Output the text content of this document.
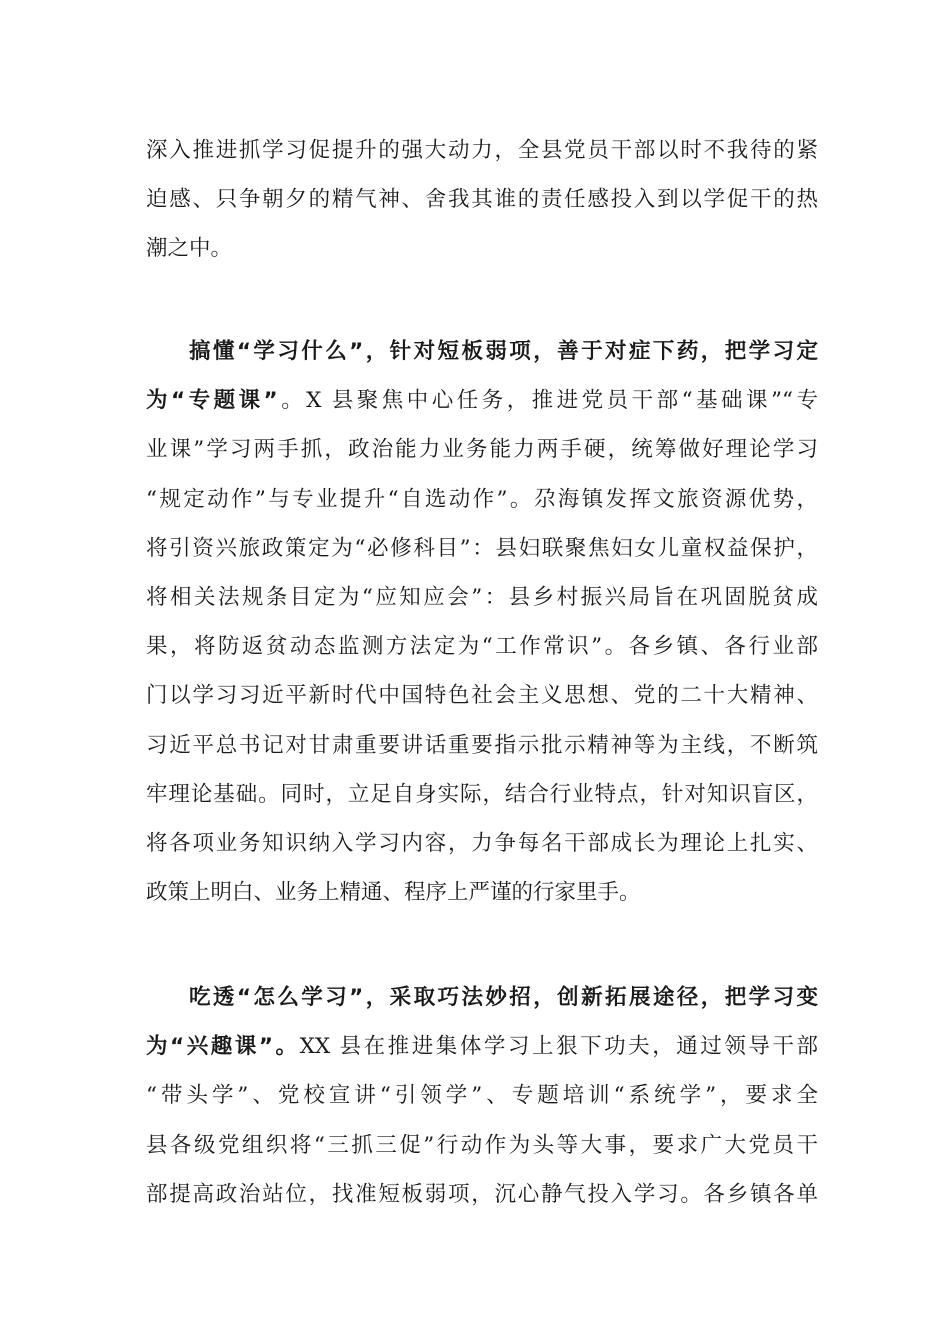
深入推进抓学习促提升的强大动力，全县党员干部以时不我待的紧
迫感、只争朝夕的精气神、舍我其谁的责任感投入到以学促干的热
潮之中。
搞懂“学习什么”，针对短板弱项，善于对症下药，把学习定
为“专题课”。X 县聚焦中心任务，推进党员干部“基础课”“专
业课”学习两手抓，政治能力业务能力两手硬，统筹做好理论学习
“规定动作”与专业提升“自选动作”。尕海镇发挥文旅资源优势，
将引资兴旅政策定为“必修科目”：县妇联聚焦妇女儿童权益保护，
将相关法规条目定为“应知应会”：县乡村振兴局旨在巩固脱贫成
果，将防返贫动态监测方法定为“工作常识”。各乡镇、各行业部
门以学习习近平新时代中国特色社会主义思想、党的二十大精神、
习近平总书记对甘肃重要讲话重要指示批示精神等为主线，不断筑
牢理论基础。同时，立足自身实际，结合行业特点，针对知识盲区，
将各项业务知识纳入学习内容，力争每名干部成长为理论上扎实、
政策上明白、业务上精通、程序上严谨的行家里手。
吃透“怎么学习”，采取巧法妙招，创新拓展途径，把学习变
为“兴趣课”。XX 县在推进集体学习上狠下功夫，通过领导干部
“带头学”、党校宣讲“引领学”、专题培训“系统学”，要求全
县各级党组织将“三抓三促”行动作为头等大事，要求广大党员干
部提高政治站位，找准短板弱项，沉心静气投入学习。各乡镇各单
